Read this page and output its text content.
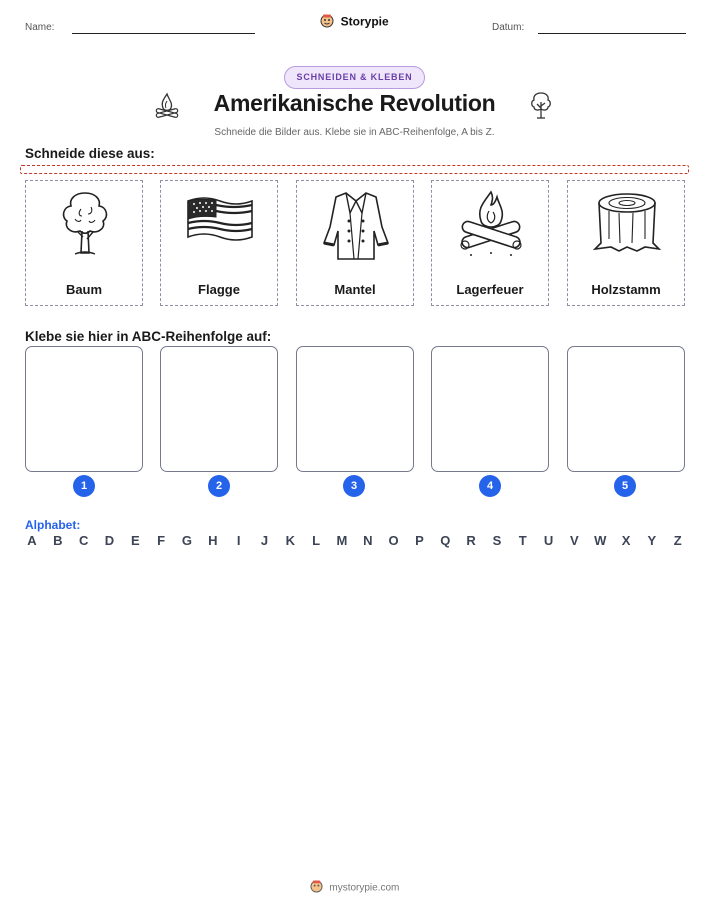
Name:	Storypie	Datum:
SCHNEIDEN & KLEBEN
Amerikanische Revolution
Schneide die Bilder aus. Klebe sie in ABC-Reihenfolge, A bis Z.
Schneide diese aus:
Baum	Flagge	Mantel	Lagerfeuer	Holzstamm
Klebe sie hier in ABC-Reihenfolge auf:
1	2	3	4	5
Alphabet:
A B C D E F G H	I	J K L M N O P Q R S T U V W X Y Z
mystorypie.com
